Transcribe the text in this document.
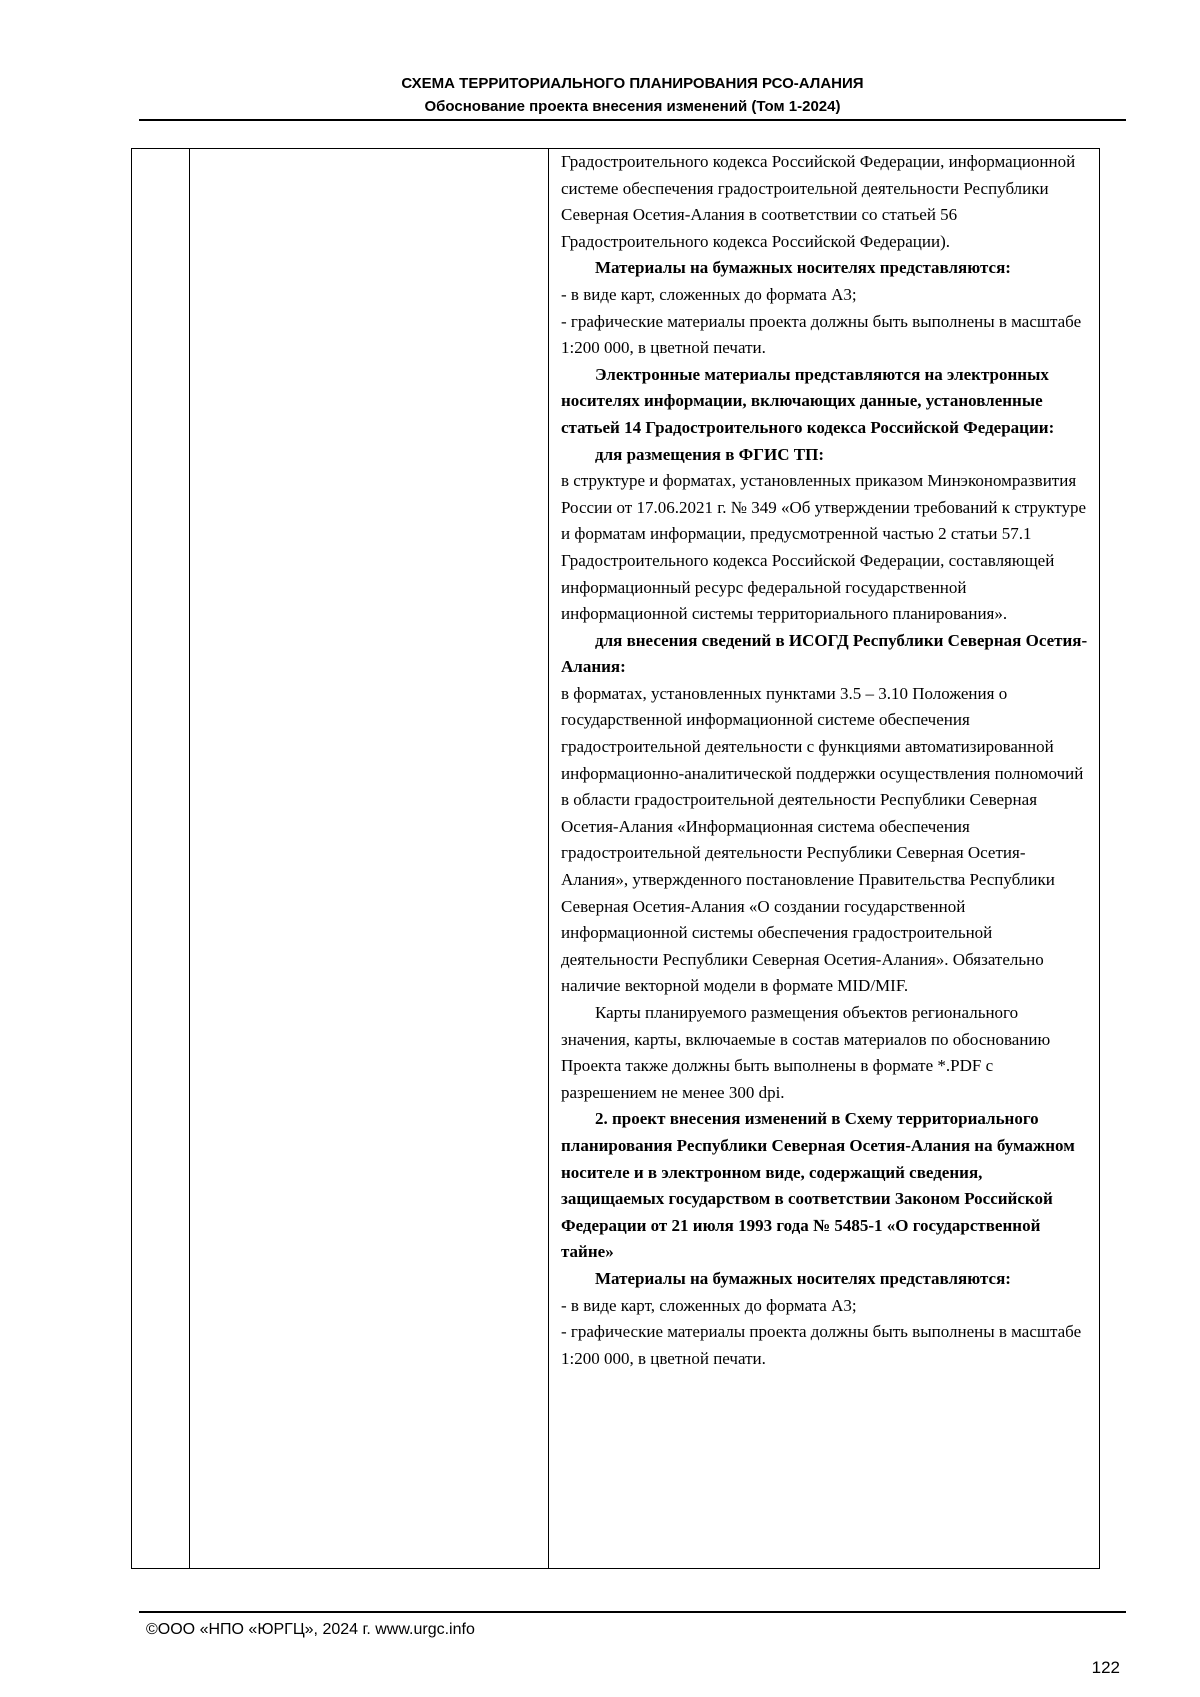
СХЕМА ТЕРРИТОРИАЛЬНОГО ПЛАНИРОВАНИЯ РСО-АЛАНИЯ
Обоснование проекта внесения изменений (Том 1-2024)

Градостроительного кодекса Российской Федерации, информационной системе обеспечения градостроительной деятельности Республики Северная Осетия-Алания в соответствии со статьей 56 Градостроительного кодекса Российской Федерации).

Материалы на бумажных носителях представляются:

- в виде карт, сложенных до формата А3;

- графические материалы проекта должны быть выполнены в масштабе 1:200 000, в цветной печати.

Электронные материалы представляются на электронных носителях информации, включающих данные, установленные статьей 14 Градостроительного кодекса Российской Федерации:

для размещения в ФГИС ТП:

в структуре и форматах, установленных приказом Минэкономразвития России от 17.06.2021 г. № 349 «Об утверждении требований к структуре и форматам информации, предусмотренной частью 2 статьи 57.1 Градостроительного кодекса Российской Федерации, составляющей информационный ресурс федеральной государственной информационной системы территориального планирования».

для внесения сведений в ИСОГД Республики Северная Осетия-Алания:

в форматах, установленных пунктами 3.5 – 3.10 Положения о государственной информационной системе обеспечения градостроительной деятельности с функциями автоматизированной информационно-аналитической поддержки осуществления полномочий в области градостроительной деятельности Республики Северная Осетия-Алания «Информационная система обеспечения градостроительной деятельности Республики Северная Осетия-Алания», утвержденного постановление Правительства Республики Северная Осетия-Алания «О создании государственной информационной системы обеспечения градостроительной деятельности Республики Северная Осетия-Алания». Обязательно наличие векторной модели в формате MID/MIF.

Карты планируемого размещения объектов регионального значения, карты, включаемые в состав материалов по обоснованию Проекта также должны быть выполнены в формате *.PDF с разрешением не менее 300 dpi.

2. проект внесения изменений в Схему территориального планирования Республики Северная Осетия-Алания на бумажном носителе и в электронном виде, содержащий сведения, защищаемых государством в соответствии Законом Российской Федерации от 21 июля 1993 года № 5485-1 «О государственной тайне»

Материалы на бумажных носителях представляются:

- в виде карт, сложенных до формата А3;

- графические материалы проекта должны быть выполнены в масштабе 1:200 000, в цветной печати.

©ООО «НПО «ЮРГЦ», 2024 г. www.urgc.info
122
